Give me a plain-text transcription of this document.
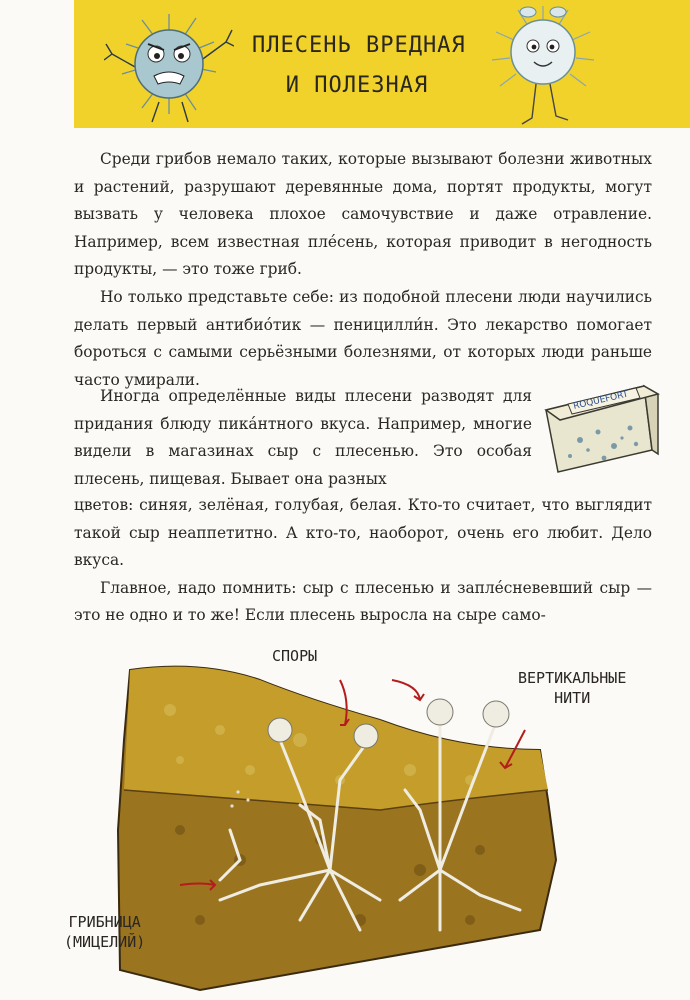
ПЛЕСЕНЬ ВРЕДНАЯ
И ПОЛЕЗНАЯ

Среди грибов немало таких, которые вызывают болезни животных и растений, разрушают деревянные дома, портят продукты, могут вызвать у человека плохое самочувствие и даже отравление. Например, всем известная пле́сень, которая приводит в негодность продукты, — это тоже гриб.

Но только представьте себе: из подобной плесени люди научились делать первый антибио́тик — пеницилли́н. Это лекарство помогает бороться с самыми серьёзными болезнями, от которых люди раньше часто умирали.

Иногда определённые виды плесени разводят для придания блюду пика́нтного вкуса. Например, многие видели в магазинах сыр с плесенью. Это особая плесень, пищевая. Бывает она разных

цветов: синяя, зелёная, голубая, белая. Кто-то считает, что выглядит такой сыр неаппетитно. А кто-то, наоборот, очень его любит. Дело вкуса.

Главное, надо помнить: сыр с плесенью и запле́сневевший сыр — это не одно и то же! Если плесень выросла на сыре само-

ROQUEFORT
СПОРЫ
ВЕРТИКАЛЬНЫЕ
НИТИ
ГРИБНИЦА
(МИЦЕЛИЙ)
